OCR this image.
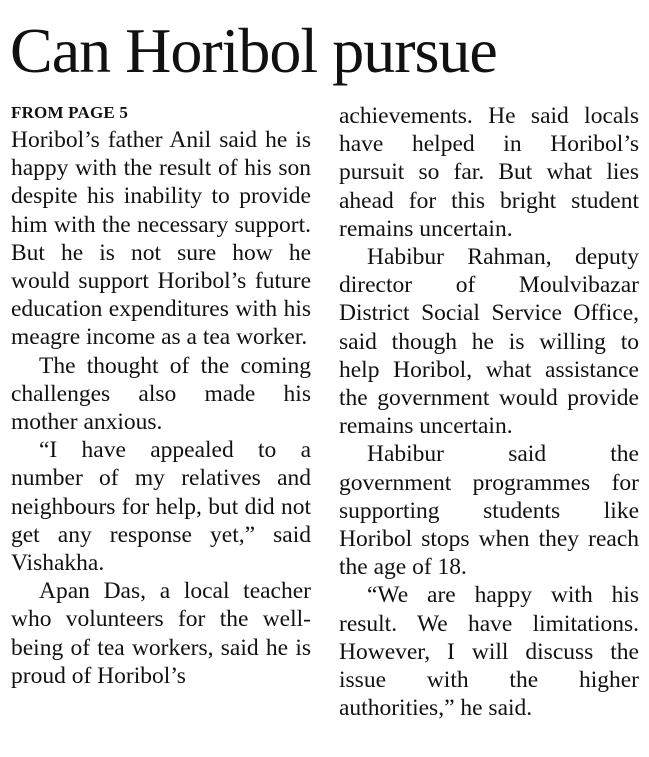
Can Horibol pursue
FROM PAGE 5

Horibol’s father Anil said he is happy with the result of his son despite his inability to provide him with the necessary support. But he is not sure how he would support Horibol’s future education expenditures with his meagre income as a tea worker.

The thought of the coming challenges also made his mother anxious.

“I have appealed to a number of my relatives and neighbours for help, but did not get any response yet,” said Vishakha.

Apan Das, a local teacher who volunteers for the well-being of tea workers, said he is proud of Horibol’s

achievements. He said locals have helped in Horibol’s pursuit so far. But what lies ahead for this bright student remains uncertain.

Habibur Rahman, deputy director of Moulvibazar District Social Service Office, said though he is willing to help Horibol, what assistance the government would provide remains uncertain.

Habibur said the government programmes for supporting students like Horibol stops when they reach the age of 18.

“We are happy with his result. We have limitations. However, I will discuss the issue with the higher authorities,” he said.
